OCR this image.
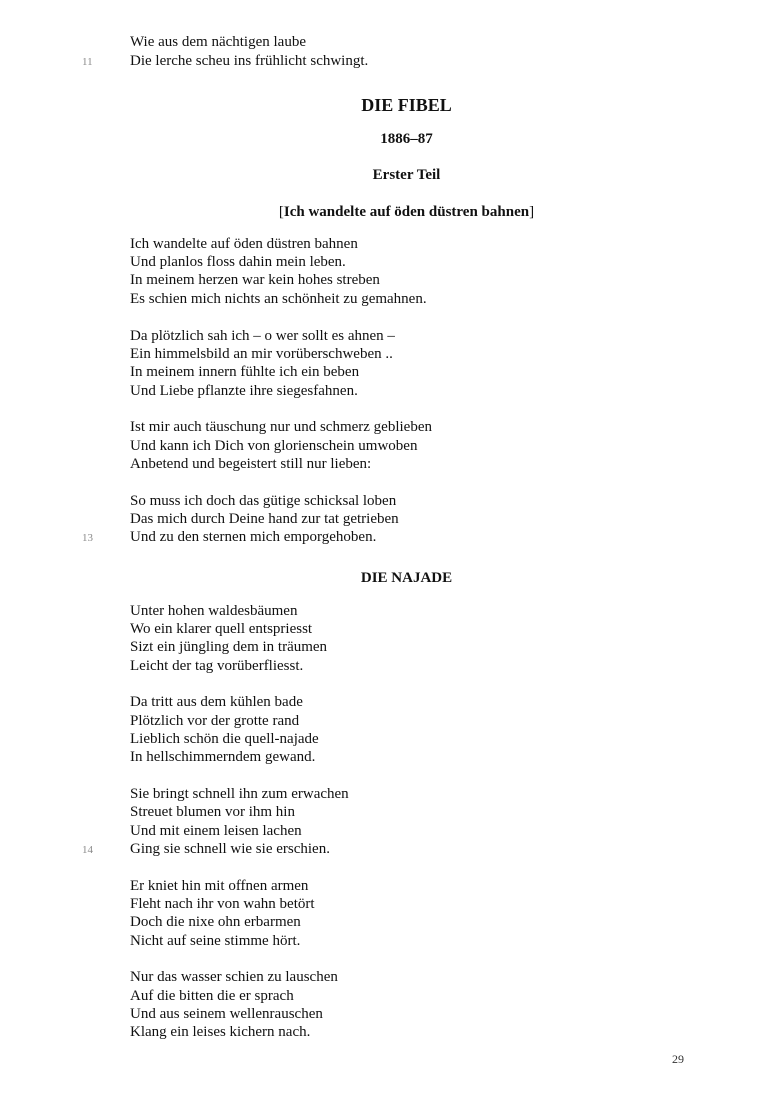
Wie aus dem nächtigen laube
Die lerche scheu ins frühlicht schwingt.
11
DIE FIBEL
1886–87
Erster Teil
[Ich wandelte auf öden düstren bahnen]
Ich wandelte auf öden düstren bahnen
Und planlos floss dahin mein leben.
In meinem herzen war kein hohes streben
Es schien mich nichts an schönheit zu gemahnen.
Da plötzlich sah ich – o wer sollt es ahnen –
Ein himmelsbild an mir vorüberschweben ..
In meinem innern fühlte ich ein beben
Und Liebe pflanzte ihre siegesfahnen.
Ist mir auch täuschung nur und schmerz geblieben
Und kann ich Dich von glorienschein umwoben
Anbetend und begeistert still nur lieben:
So muss ich doch das gütige schicksal loben
Das mich durch Deine hand zur tat getrieben
Und zu den sternen mich emporgehoben.
13
DIE NAJADE
Unter hohen waldesbäumen
Wo ein klarer quell entspriesst
Sizt ein jüngling dem in träumen
Leicht der tag vorüberfliesst.
Da tritt aus dem kühlen bade
Plötzlich vor der grotte rand
Lieblich schön die quell-najade
In hellschimmerndem gewand.
Sie bringt schnell ihn zum erwachen
Streuet blumen vor ihm hin
Und mit einem leisen lachen
Ging sie schnell wie sie erschien.
14
Er kniet hin mit offnen armen
Fleht nach ihr von wahn betört
Doch die nixe ohn erbarmen
Nicht auf seine stimme hört.
Nur das wasser schien zu lauschen
Auf die bitten die er sprach
Und aus seinem wellenrauschen
Klang ein leises kichern nach.
29
